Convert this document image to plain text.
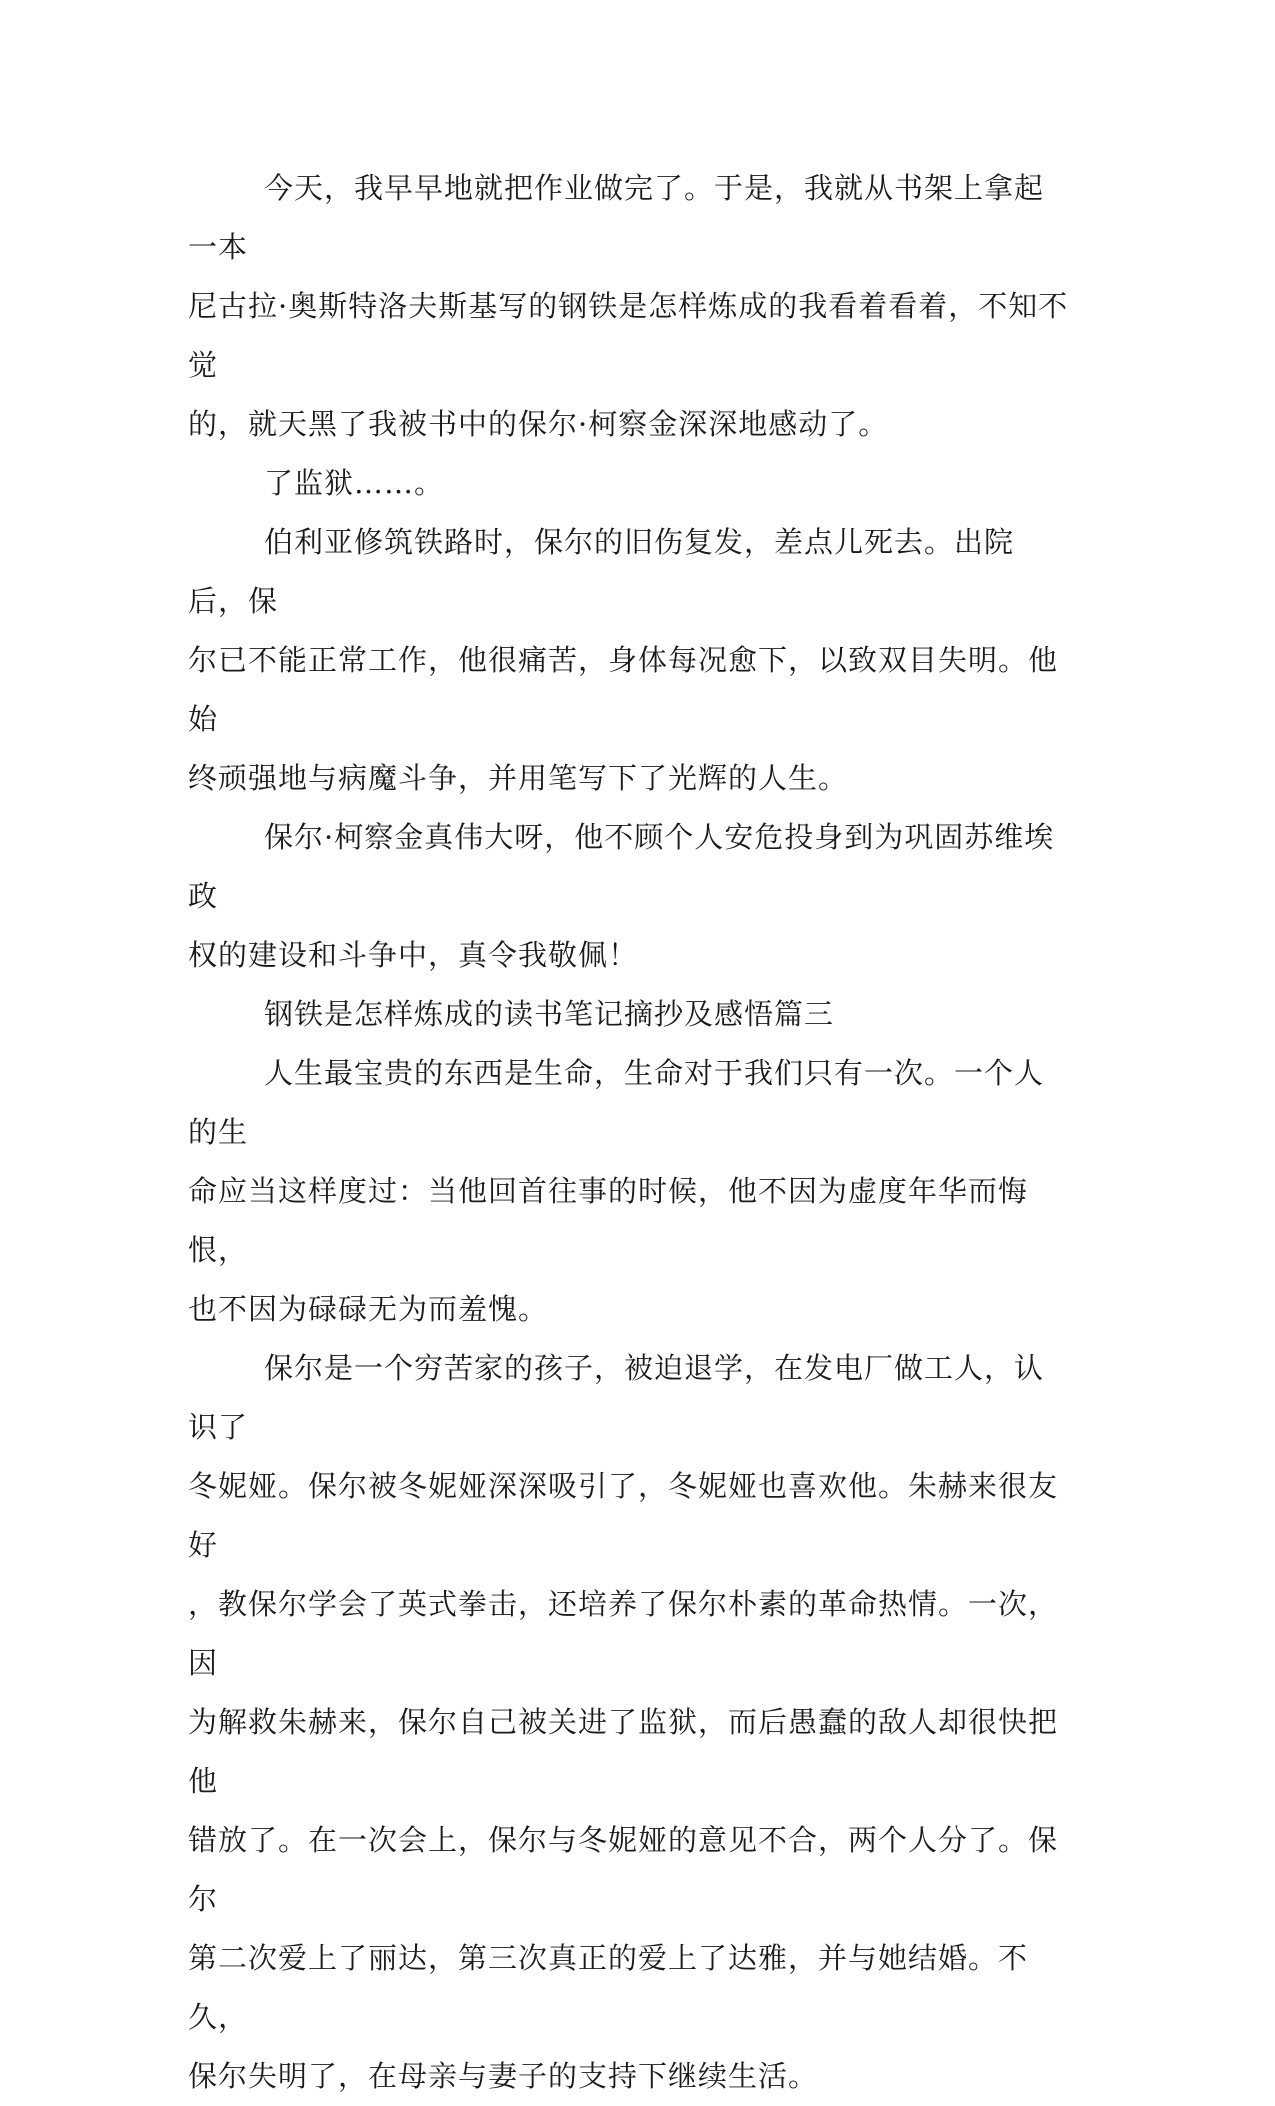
今天，我早早地就把作业做完了。于是，我就从书架上拿起一本
尼古拉·奥斯特洛夫斯基写的钢铁是怎样炼成的我看着看着，不知不觉
的，就天黑了我被书中的保尔·柯察金深深地感动了。

了监狱……。

伯利亚修筑铁路时，保尔的旧伤复发，差点儿死去。出院后，保
尔已不能正常工作，他很痛苦，身体每况愈下，以致双目失明。他始
终顽强地与病魔斗争，并用笔写下了光辉的人生。

保尔·柯察金真伟大呀，他不顾个人安危投身到为巩固苏维埃政
权的建设和斗争中，真令我敬佩！

钢铁是怎样炼成的读书笔记摘抄及感悟篇三

人生最宝贵的东西是生命，生命对于我们只有一次。一个人的生
命应当这样度过：当他回首往事的时候，他不因为虚度年华而悔恨，
也不因为碌碌无为而羞愧。

保尔是一个穷苦家的孩子，被迫退学，在发电厂做工人，认识了
冬妮娅。保尔被冬妮娅深深吸引了，冬妮娅也喜欢他。朱赫来很友好
，教保尔学会了英式拳击，还培养了保尔朴素的革命热情。一次，因
为解救朱赫来，保尔自己被关进了监狱，而后愚蠢的敌人却很快把他
错放了。在一次会上，保尔与冬妮娅的意见不合，两个人分了。保尔
第二次爱上了丽达，第三次真正的爱上了达雅，并与她结婚。不久，
保尔失明了，在母亲与妻子的支持下继续生活。
